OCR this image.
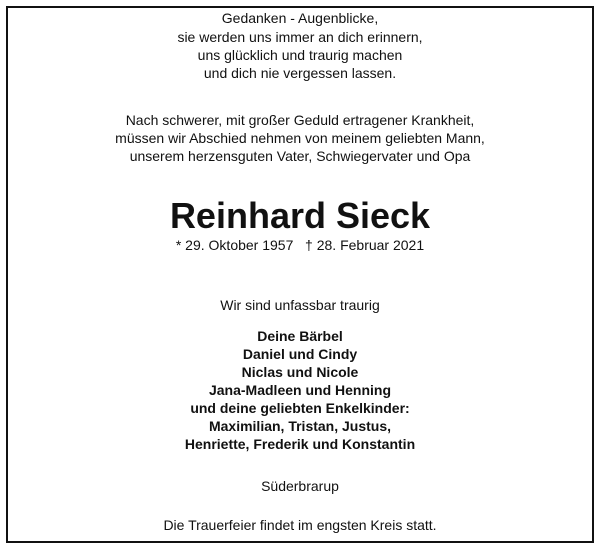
Gedanken - Augenblicke,
sie werden uns immer an dich erinnern,
uns glücklich und traurig machen
und dich nie vergessen lassen.
Nach schwerer, mit großer Geduld ertragener Krankheit,
müssen wir Abschied nehmen von meinem geliebten Mann,
unserem herzensguten Vater, Schwiegervater und Opa
Reinhard Sieck
* 29. Oktober 1957 † 28. Februar 2021
Wir sind unfassbar traurig
Deine Bärbel
Daniel und Cindy
Niclas und Nicole
Jana-Madleen und Henning
und deine geliebten Enkelkinder:
Maximilian, Tristan, Justus,
Henriette, Frederik und Konstantin
Süderbrarup
Die Trauerfeier findet im engsten Kreis statt.
